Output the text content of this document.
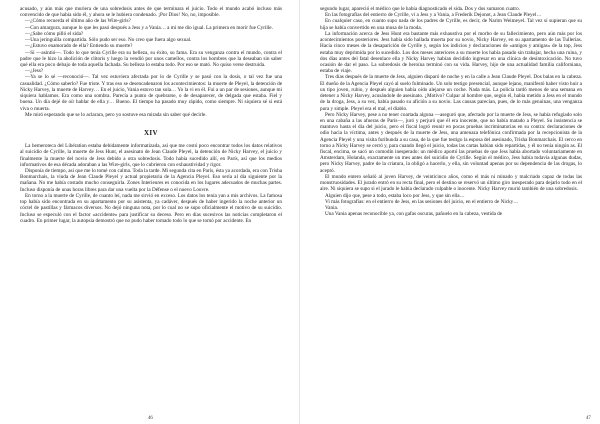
acusado, y aún más que muriera de una sobredosis antes de que terminara el juicio. Todo el mundo acabó incluso más convencido de que había sido él, y ahora se le hubiera condenado. ¡Por Dios! No, no, imposible.

—¿Cómo recuerda el último año de las Wire-girls?

—Con amargura, aunque lo que les pasó después a Jess y a Vania… a mí me dio igual. La primera en morir fue Cyrille.

—¿Sabe cómo pilló el sida?

—Una jeringuilla compartida. Sólo pudo ser eso. No creo que fuera algo sexual.

—¿Estuvo enamorado de ella? Entiendo su muerte?

—Sí —asintió—. Todo lo que tenía Cyrille era su belleza, su éxito, su fama. Era su venganza contra el mundo, contra el padre que le hizo la abolición de clitoris y luego la vendió por unos camellos, contra los hombres que la deseaban sin saber qué ella era poco debajo de toda aquella fachada. Su belleza lo estaba todo. Por eso se mató. No quiso verse destruida.

—¿Jess?

—Ya se lo sé —reconoció—. Tal vez estuviera afectada por lo de Cyrille y se pasó con la dosis, o tal vez fue una casualidad. ¿Cómo saberlo? Fue triste. Y tras eso se desencadenaron los acontecimientos: la muerte de Pleyel, la detención de Nicky Harvey, la muerte de Harvey… En el juicio, Vania estuvo tan sola… Yo la vi en él. Fui a un par de sesiones, aunque mi siquiera hablamos. Era como una sombra. Parecía a punto de quebrarse, o de desaparecer, de delgada que estaba. Fiel y buena. Un día dejé de oír hablar de ella y… Bueno. El tiempo ha pasado muy rápido, como siempre. Ni siquiera sé si está viva o muerta.

Me miró esperando que se lo aclarara, pero yo sostuve esa mirada sin saber qué decirle.

XIV

La hemeroteca del Libération estaba debidamente informatizada, así que me costó poco encontrar todos los datos relativos al suicidio de Cyrille, la muerte de Jess Hunt, el asesinato de Jean Claude Pleyel, la detención de Nicky Harvey, el juicio y finalmente la muerte del novio de Jess debido a otra sobredosis. Todo había sucedido allí, en París, así que los medios informativos de esa década adoraban a las Wire-girls, que lo cubrieron con exhaustividad y rigor.

Disponía de tiempo, así que me lo tomé con calma. Toda la tarde. Mi segunda cita en París, ésta ya acordada, era con Trisha Bonmarchais, la viuda de Jean Claude Pleyel y actual propietaria de la Agencia Pleyel. Eso sería al día siguiente por la mañana. No me había costado mucho conseguirla. Zones Interieures es conocida en los lugares adecuados de muchas partes. Incluso disponía de unas horas libres para dar una vuelta por la Défense o el nuevo Louvre.

En torno a la muerte de Cyrille, de cuanto leí, nada me sirvió en exceso. Los datos los tenía yan a mis archivos. La famosa top había sido encontrada en su apartamento por su asistenta, ya cadáver, después de haber ingerido la noche anterior un cóctel de pastillas y fármacos diversos. No dejó ninguna nota, por lo cual no se supo oficialmente el motivo de su suicidio. Incluso se especuló con el factor «accidente» para justificar su deceso. Pero en días sucesivos las noticias completaron el cuadro. En primer lugar, la autopsia demostró que no pudo haber tomado todo lo que se tomó por accidente. En

46

segundo lugar, apareció el médico que le había diagnosticado el sida. Dos y dos sumaron cuatro.

En las fotografías del entierro de Cyrille, vi a Jess y a Vania, a Frederik Dejonot, a Jean Claude Pleyel…

En cualquier caso, en cuanto supo nada de los padres de Cyrille, es decir, de Narim Weimeyel. Tal vez sí supieran que su hija se había convertido en una musa de la moda.

La información acerca de Jess Hunt era bastante más exhaustiva por el morbo de su fallecimiento, pero aún más por los acontecimientos posteriores. Jess había sido hallada muerta por su novio, Nicky Harvey, en su apartamento de las Tullerías. Hacía cinco meses de la desaparición de Cyrille y, según los indicios y declaraciones de «amigos y amigas» de la top, Jess estaba muy deprimida por lo sucedido. Los dos meses anteriores a su muerte los había pasado sin trabajar, hecha una ruina, y dos días antes del fatal desenlace ella y Nicky Harvey habían decidido ingresar en una clínica de desintoxicación. No tuvo ocasión de dar el paso. La sobredosis de heroína terminó con su vida. Harvey, hijo de una actualidad familia californiana, estaba de viaje.

Tres días después de la muerte de Jess, alguien disparó de noche y en la calle a Jean Claude Pleyel. Dos balas en la cabeza. El dueño de la Agencia Pleyel cayó al suelo fulminado. Un solo testigo presencial, aunque lejano, manifestó haber visto huir a un tipo joven, rubio, y después alguien había oído alejarse un coche. Nada más. La policía tardó menos de una semana en detener a Nicky Harvey, acusándole de asesinato. ¿Motivo? Culpar al hombre que, según él, había metido a Jess en el mundo de la droga, Jess, a su vez, había pasado su afición a su novio. Las causas parecían, pues, de lo más genuinas, una venganza pura y simple. Pleyel era el mal, el diablo.

Pero Nicky Harvey, pese a no tener coartada alguna —aseguró que, afectado por la muerte de Jess, se había refugiado solo en una cabaña a las afueras de París—, juró y perjuró que él era inocente, que no había matado a Pleyel. Su insistencia se mantuvo hasta el día del juicio, pero el fiscal logró reunir en pocas pruebas incriminatorias en su contra: declaraciones de odio hacia la víctima, antes y después de la muerte de Jess, una amenaza telefónica confirmada por la recepcionista de la Agencia Pleyel y una visita furibunda a su casa, de la que fue testigo la esposa del asesinado, Trisha Bonmarchais. El cerco en torno a Nicky Harvey se cerró y, para cuando llegó el juicio, todas las cartas habían sido repartidas, y él no tenía ningún as. El fiscal, encima, se sacó un comodín inesperado: un médico aportó las pruebas de que Jess había abortado voluntariamente en Amsterdam, Holanda, exactamente un mes antes del suicidio de Cyrille. Según el médico, Jess había todavía algunas dudas, pero Nicky Harvey, padre de la criatura, la obligó a hacerlo, y ella, sin voluntad apenas por su dependencia de las drogas, lo aceptó.

El mundo entero señaló al joven Harvey, de veinticinco años, como el más ni minado y malcriado capaz de todas las monstruosidades. El jurado entró en su recta final, pero el destino se reservó un último giro inesperado para dejarlo todo en el aire. Ni siquiera se supo si el jurado le había declarado culpable o inocente. Nicky Harvey murió también de una sobredosis.

Alguien dijo que, pese a todo, estaba loco por Jess, y que sin ella…

Vi más fotografías: en el entierro de Jess, en las sesiones del juicio, en el entierro de Nicky…

Vania.

Una Vania apenas reconocible ya, con gafas oscuras, pañuelo en la cabeza, vestida de

47
